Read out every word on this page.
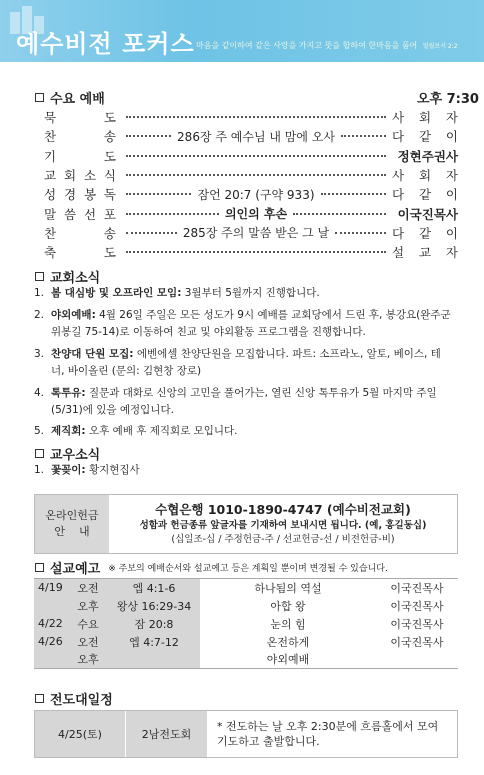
예수비전 포커스 마음을 같이하여 같은 사랑을 가지고 뜻을 합하여 한마음을 품어 빌립보서 2:2
수요 예배	오후 7:30
묵	도	사 회 자
찬	송	286장 주 예수님 내 맘에 오사	다 같 이
기	도	정현주권사
교 회 소 식	사 회 자
성 경 봉 독	잠언 20:7 (구약 933)	다 같 이
말 씀 선 포	의인의 후손	이국진목사
찬	송	285장 주의 말씀 받은 그 날	다 같 이
축	도	설 교 자
교회소식
1. 봄 대심방 및 오프라인 모임: 3월부터 5월까지 진행합니다.
2. 야외예배: 4월 26일 주일은 모든 성도가 9시 예배를 교회당에서 드린 후, 봉강요(완주군 위봉길 75-14)로 이동하여 친교 및 야외활동 프로그램을 진행합니다.
3. 찬양대 단원 모집: 에벤에셀 찬양단원을 모집합니다. 파트: 소프라노, 알토, 베이스, 테너, 바이올린 (문의: 김현창 장로)
4. 톡투유: 질문과 대화로 신앙의 고민을 풀어가는, 열린 신앙 톡투유가 5월 마지막 주일(5/31)에 있을 예정입니다.
5. 제직회: 오후 예배 후 제직회로 모입니다.
교우소식
1. 꽃꽂이: 황지현집사
온라인헌금
안    내
수협은행 1010-1890-4747 (예수비전교회)
성함과 헌금종류 앞글자를 기재하여 보내시면 됩니다. (예, 홍길동십)
(십일조-십 / 주정헌금-주 / 선교헌금-선 / 비전헌금-비)
설교예고 ※ 주보의 예배순서와 설교예고 등은 계획일 뿐이며 변경될 수 있습니다.
4/19	오전	엡 4:1-6	하나됨의 역설	이국진목사
	오후	왕상 16:29-34	아합 왕	이국진목사
4/22	수요	잠 20:8	눈의 힘	이국진목사
4/26	오전	엡 4:7-12	온전하게	이국진목사
	오후		야외예배	
전도대일정
4/25(토)	2남전도회
* 전도하는 날 오후 2:30분에 흐름홀에서 모여 기도하고 출발합니다.
